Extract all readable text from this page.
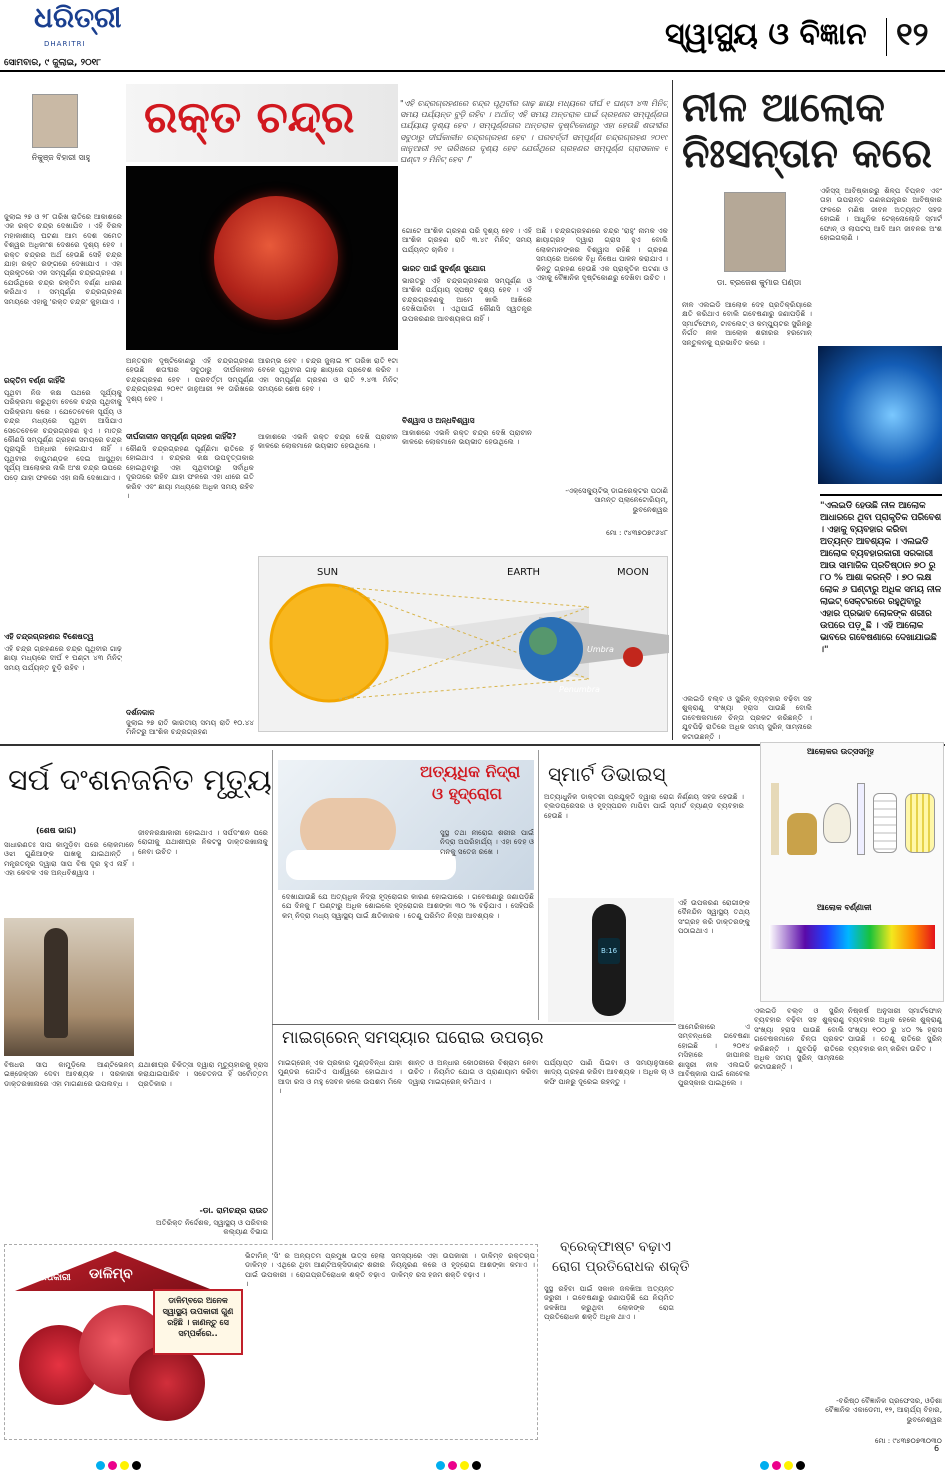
ଧରିତ୍ରୀ
DHARITRI	ସ୍ୱାସ୍ଥ୍ୟ ଓ ବିଜ୍ଞାନ ୧୨
ସୋମବାର, ୯ ଜୁଲାଇ, ୨୦୧୮
ନିକୁଞ୍ଜ ବିହାରୀ ସାହୁ
ରକ୍ତ ଚନ୍ଦ୍ର	"ଏହି ଚନ୍ଦ୍ରଗ୍ରହଣରେ ଚନ୍ଦ୍ର ପୃଥିବୀର ଗାଢ଼ ଛାୟା ମଧ୍ୟରେ ଦୀର୍ଘ ୧ ଘଣ୍ଟା ୪୩ ମିନିଟ୍ ସମୟ ପର୍ଯ୍ୟନ୍ତ ବୁଡ଼ି ରହିବ । ଅର୍ଥାତ୍ ଏହି ସମୟ ଅନ୍ତରାଳ ପାଇଁ ଗ୍ରହଣର ସମ୍ପୂର୍ଣ୍ଣତା ପର୍ଯ୍ୟାୟ ଦୃଶ୍ୟ ହେବ । ସମ୍ପୂର୍ଣ୍ଣତାର ଅନ୍ତରାଳ ଦୃଷ୍ଟିକୋଣରୁ ଏହା ହେଉଛି ଶତାବ୍ଦୀର ସବୁଠାରୁ ଦୀର୍ଘକାଳୀନ ଚନ୍ଦ୍ରଗ୍ରହଣ ହେବ । ପରବର୍ତ୍ତୀ ସମ୍ପୂର୍ଣ୍ଣ ଚନ୍ଦ୍ରଗ୍ରହଣ ୨୦୧୯ ଜାନୁଆରୀ ୨୧ ତାରିଖରେ ଦୃଶ୍ୟ ହେବ ଯେଉଁଥିରେ ଗ୍ରହଣର ସମ୍ପୂର୍ଣ୍ଣ ଗ୍ରାସକାଳ ୧ ଘଣ୍ଟା ୨ ମିନିଟ୍ ହେବ ।"
ଜୁଲାଇ ୨୭ ଓ ୨୮ ତାରିଖ ରାତିରେ ଆକାଶରେ ଏକ ରକ୍ତ ଚନ୍ଦ୍ର ଦେଖାଯିବ । ଏହି ବିରଳ ମହାକାଶୀୟ ଘଟଣା ଆମ ଦେଶ ସମେତ ବିଶ୍ୱର ଅଧିକାଂଶ ଦେଶରେ ଦୃଶ୍ୟ ହେବ । ରକ୍ତ ଚନ୍ଦ୍ରର ଅର୍ଥ ହେଉଛି ସେହି ଚନ୍ଦ୍ର ଯାହା ରକ୍ତ ରଙ୍ଗରେ ଦେଖାଯାଏ । ଏହା ପ୍ରକୃତରେ ଏକ ସମ୍ପୂର୍ଣ୍ଣ ଚନ୍ଦ୍ରଗ୍ରହଣ । ଯେଉଁଥିରେ ଚନ୍ଦ୍ର ରକ୍ତିମ ବର୍ଣ୍ଣ ଧାରଣ କରିଥାଏ । ସମ୍ପୂର୍ଣ୍ଣ ଚନ୍ଦ୍ରଗ୍ରହଣ ସମୟରେ ଏହାକୁ 'ରକ୍ତ ଚନ୍ଦ୍ର' କୁହାଯାଏ ।
ରକ୍ତିମ ବର୍ଣ୍ଣ କାହିଁକି
ପୃଥିବୀ ନିଜ କକ୍ଷ ପଥରେ ସୂର୍ଯ୍ୟକୁ ପରିକ୍ରମା କରୁଥିବା ବେଳେ ଚନ୍ଦ୍ର ପୃଥିବୀକୁ ପରିକ୍ରମା କରେ । ଯେତେବେଳେ ସୂର୍ଯ୍ୟ ଓ ଚନ୍ଦ୍ର ମଧ୍ୟରେ ପୃଥିବୀ ଆସିଯାଏ ସେତେବେଳେ ଚନ୍ଦ୍ରଗ୍ରହଣ ହୁଏ । ମାତ୍ର କୌଣସି ସମ୍ପୂର୍ଣ୍ଣ ଗ୍ରହଣ ସମୟରେ ଚନ୍ଦ୍ର ପୂରାପୂରି ଅନ୍ଧାର ହୋଇଯାଏ ନାହିଁ । ପୃଥିବୀର ବାୟୁମଣ୍ଡଳ ଦେଇ ଆସୁଥିବା ସୂର୍ଯ୍ୟ ଆଲୋକର ନାଲି ଅଂଶ ଚନ୍ଦ୍ର ଉପରେ ପଡ଼େ ଯାହା ଫଳରେ ଏହା ନାଲି ଦେଖାଯାଏ ।
ଏହି ଚନ୍ଦ୍ରଗ୍ରହଣର ବିଶେଷତ୍ୱ
ଏହି ଚନ୍ଦ୍ର ଗ୍ରହଣରେ ଚନ୍ଦ୍ର ପୃଥିବୀର ଗାଢ଼ ଛାୟା ମଧ୍ୟରେ ଦୀର୍ଘ ୧ ଘଣ୍ଟା ୪୩ ମିନିଟ୍ ସମୟ ପର୍ଯ୍ୟନ୍ତ ବୁଡ଼ି ରହିବ ।
ଅନ୍ତରାଳ ଦୃଷ୍ଟିକୋଣରୁ ଏହି ଚନ୍ଦ୍ରଗ୍ରହଣ ହେଉଛି ଶତାବ୍ଦୀର ସବୁଠାରୁ ଦୀର୍ଘକାଳୀନ ଚନ୍ଦ୍ରଗ୍ରହଣ ହେବ । ପରବର୍ତ୍ତୀ ସମ୍ପୂର୍ଣ୍ଣ ଚନ୍ଦ୍ରଗ୍ରହଣ ୨୦୧୯ ଜାନୁଆରୀ ୨୧ ତାରିଖରେ ଦୃଶ୍ୟ ହେବ ।
ଦୀର୍ଘକାଳୀନ ସମ୍ପୂର୍ଣ୍ଣ ଗ୍ରହଣ କାହିଁକି?
କୌଣସି ଚନ୍ଦ୍ରଗ୍ରହଣ ପୂର୍ଣ୍ଣିମା ରାତିରେ ହିଁ ହୋଇଥାଏ । ଚନ୍ଦ୍ରର କକ୍ଷ ଉପବୃତ୍ତାକାର ହୋଇଥିବାରୁ ଏହା ପୃଥିବୀଠାରୁ ସର୍ବାଧିକ ଦୂରତାରେ ରହିବ ଯାହା ଫଳରେ ଏହା ଧୀରେ ଗତି କରିବ ଏବଂ ଛାୟା ମଧ୍ୟରେ ଅଧିକ ସମୟ ରହିବ ।
ଦର୍ଶନକାଳ
ଜୁଲାଇ ୨୭ ରାତି ଭାରତୀୟ ସମୟ ରାତି ୧୦.୪୪ ମିନିଟରୁ ଆଂଶିକ ଚନ୍ଦ୍ରଗ୍ରହଣ
ଆରମ୍ଭ ହେବ । ଚନ୍ଦ୍ର ଜୁଲାଇ ୨୮ ତାରିଖ ରାତି ୧ଟା ବେଳେ ପୃଥିବୀର ଗାଢ଼ ଛାୟାରେ ପ୍ରବେଶ କରିବ । ଏହା ସମ୍ପୂର୍ଣ୍ଣ ଗ୍ରହଣ ଓ ରାତି ୨.୪୩ ମିନିଟ୍ ସମୟରେ ଶେଷ ହେବ ।
ଆକାଶରେ ଏଭଳି ରକ୍ତ ଚନ୍ଦ୍ର ଦେଖି ପ୍ରାଚୀନ କାଳରେ ଲୋକମାନେ ଭୟଭୀତ ହେଉଥିଲେ ।
ଗୋଟେ ଆଂଶିକ ଗ୍ରହଣ ପରି ଦୃଶ୍ୟ ହେବ । ଏହି ଆଂଶିକ ଗ୍ରହଣ ରାତି ୩.୪୯ ମିନିଟ୍ ସମୟ ପର୍ଯ୍ୟନ୍ତ ଚାଲିବ ।
ଭାରତ ପାଇଁ ସୁବର୍ଣ୍ଣ ସୁଯୋଗ
ଭାରତରୁ ଏହି ଚନ୍ଦ୍ରଗ୍ରହଣର ସମ୍ପୂର୍ଣ୍ଣ ଓ ଆଂଶିକ ପର୍ଯ୍ୟାୟ ସ୍ପଷ୍ଟ ଦୃଶ୍ୟ ହେବ । ଏହି ଚନ୍ଦ୍ରଗ୍ରହଣକୁ ଆମେ ଖାଲି ଆଖିରେ ଦେଖିପାରିବା । ଏଥିପାଇଁ କୌଣସି ସ୍ୱତନ୍ତ୍ର ଉପକରଣର ଆବଶ୍ୟକତା ନାହିଁ ।
ବିଶ୍ୱାସ ଓ ଅନ୍ଧବିଶ୍ୱାସ
ଆକାଶରେ ଏଭଳି ରକ୍ତ ଚନ୍ଦ୍ର ଦେଖି ପ୍ରାଚୀନ କାଳରେ ଲୋକମାନେ ଭୟଭୀତ ହେଉଥିଲେ ।
ଅଛି । ଚନ୍ଦ୍ରଗ୍ରହଣରେ ଚନ୍ଦ୍ର 'ରାହୁ' ନାମକ ଏକ ଛାୟାଗ୍ରହ ଦ୍ୱାରା ଗ୍ରାସ ହୁଏ ବୋଲି ଲୋକମାନଙ୍କର ବିଶ୍ୱାସ ରହିଛି । ଗ୍ରହଣ ସମୟରେ ଅନେକ ବିଧି ନିଷେଧ ପାଳନ କରାଯାଏ । କିନ୍ତୁ ଗ୍ରହଣ ହେଉଛି ଏକ ପ୍ରାକୃତିକ ଘଟଣା ଓ ଏହାକୁ ବୈଜ୍ଞାନିକ ଦୃଷ୍ଟିକୋଣରୁ ଦେଖିବା ଉଚିତ ।
-ଏକ୍ସେକ୍ୟୁଟିଭ୍ ଡାଇରେକ୍ଟର ପଠାଣି ସାମନ୍ତ ପ୍ଲାନେଟୋରିୟମ୍, ଭୁବନେଶ୍ୱର
ମୋ : ୯୪୩୭୦୭୯୬୪୮
SUN	EARTH	MOON
Umbra
Penumbra
ନୀଳ ଆଲୋକ
ନିଃସନ୍ତାନ କରେ
ଡା. ବ୍ରଜେଶ କୁମାର ପଣ୍ଡା
ଏକିସ୍ସ୍ ଆବିଷ୍କାରରୁ ଶିଳ୍ପ ବିପ୍ଳବ ଏବଂ ତାହା ଉପରାନ୍ତ ଗଣକଯନ୍ତ୍ରର ଆବିଷ୍କାର ଫଳରେ ମଣିଷ ଜୀବନ ଅତ୍ୟନ୍ତ ସହଜ ହୋଇଛି । ଆଧୁନିକ ଟେକ୍ନୋଲୋଜି ସ୍ମାର୍ଟ ଫୋନ୍ ଓ ଲାପଟପ୍ ଆଦି ଆମ ଜୀବନର ଅଂଶ ହୋଇଗଲାଣି ।
ନୀଳ ଏଲଇଡି ଆଲୋକ ଦେହ ପ୍ରତିକ୍ରିୟାରେ କ୍ଷତି କରିଥାଏ ବୋଲି ଗବେଷଣାରୁ ଜଣାପଡ଼ିଛି । ସ୍ମାର୍ଟଫୋନ୍, ଟାବଲେଟ୍ ଓ କମ୍ପ୍ୟୁଟର ସ୍କ୍ରିନରୁ ନିର୍ଗତ ନୀଳ ଆଲୋକ ଶରୀରର ହରମୋନ୍ ସନ୍ତୁଳନକୁ ପ୍ରଭାବିତ କରେ ।
"ଏଲଇଡି ହେଉଛି ନୀଳ ଆଲୋକ ଆଧାରରେ ଥିବା ପ୍ରାକୃତିକ ପରିବେଶ । ଏହାକୁ ବ୍ୟବହାର କରିବା ଅତ୍ୟନ୍ତ ଆବଶ୍ୟକ । ଏଲଇଡି ଆଲୋକ ବ୍ୟବହାରକାରୀ ସରକାରୀ ଆଉ ସାମାଜିକ ପ୍ରତିଷ୍ଠାନ ୭୦ ରୁ ୮୦ % ଆଶା କରନ୍ତି । ୭୦ ଲକ୍ଷ ଲୋକ ୬ ଘଣ୍ଟାରୁ ଅଧିକ ସମୟ ନୀଳ ଲାଇଟ୍ ସେକ୍ଟରରେ ରହୁଥିବାରୁ ଏହାର ପ୍ରଭାବ ଲୋକଙ୍କ ଶରୀର ଉପରେ ପଡ଼ୁଛି । ଏହି ଆଲୋକ ଭାବରେ ଗବେଷଣାରେ ଦେଖାଯାଇଛି ।"
ଏଲଇଡି ବଲ୍ବ ଓ ସ୍କ୍ରିନ୍ ବ୍ୟବହାର ବଢ଼ିବା ସହ ଶୁକ୍ରାଣୁ ସଂଖ୍ୟା ହ୍ରାସ ପାଉଛି ବୋଲି ଗବେଷକମାନେ ଚିନ୍ତା ପ୍ରକଟ କରିଛନ୍ତି । ଯୁବପିଢ଼ି ରାତିରେ ଅଧିକ ସମୟ ସ୍କ୍ରିନ୍ ସାମ୍ନାରେ କଟାଉଛନ୍ତି ।
ସର୍ପ ଦଂଶନଜନିତ ମୃତ୍ୟୁ
(ଶେଷ ଭାଗ)
ସାଧାରଣତଃ ସାପ କାମୁଡ଼ିବା ପରେ ଲୋକମାନେ ଓଝା ଗୁଣିଆଙ୍କ ପାଖକୁ ଯାଇଥାନ୍ତି । ମନ୍ତ୍ରତନ୍ତ୍ର ଦ୍ୱାରା ସାପ ବିଷ ଦୂର ହୁଏ ନାହିଁ । ଏହା କେବଳ ଏକ ଅନ୍ଧବିଶ୍ୱାସ ।
ଜୀବନରକ୍ଷାକାରୀ ହୋଇଥାଏ । ସର୍ପଦଂଶନ ପରେ ରୋଗୀକୁ ଯଥାଶୀଘ୍ର ନିକଟସ୍ଥ ଡାକ୍ତରଖାନାକୁ ନେବା ଉଚିତ ।
ବିଷଧର ସାପ କାମୁଡ଼ିଲେ ଆଣ୍ଟିଭେନମ୍ ଇଞ୍ଜେକ୍ସନ ଦେବା ଆବଶ୍ୟକ । ସରକାରୀ ଡାକ୍ତରଖାନାରେ ଏହା ମାଗଣାରେ ଉପଲବ୍ଧ ।
ଯଥାଶୀଘ୍ର ଚିକିତ୍ସା ଦ୍ୱାରା ମୃତ୍ୟୁହାରକୁ ହ୍ରାସ କରାଯାଇପାରିବ । ସଚେତନତା ହିଁ ସର୍ବୋତ୍ତମ ପ୍ରତିକାର ।
-ଡା. ରାମଚନ୍ଦ୍ର ରାଉତ
ଅତିରିକ୍ତ ନିର୍ଦ୍ଦେଶକ, ସ୍ୱାସ୍ଥ୍ୟ ଓ ପରିବାର କଲ୍ୟାଣ ବିଭାଗ
ଅତ୍ୟଧିକ ନିଦ୍ରା
ଓ ହୃଦ୍‌ରୋଗ
ସୁସ୍ଥ ତଥା ନୀରୋଗ ଶରୀର ପାଇଁ ନିଦ୍ରା ଅପରିହାର୍ଯ୍ୟ । ଏହା ଦେହ ଓ ମନକୁ ସତେଜ ରଖେ ।
ଦେଖାଯାଉଛି ଯେ ଅତ୍ୟଧିକ ନିଦ୍ରା ହୃଦ୍‌ରୋଗର କାରଣ ହୋଇପାରେ । ଗବେଷଣାରୁ ଜଣାପଡ଼ିଛି ଯେ ଦିନକୁ ୮ ଘଣ୍ଟାରୁ ଅଧିକ ଶୋଇଲେ ହୃଦ୍‌ରୋଗର ଆଶଙ୍କା ୩୦ % ବଢ଼ିଯାଏ । ସେହିପରି କମ୍ ନିଦ୍ରା ମଧ୍ୟ ସ୍ୱାସ୍ଥ୍ୟ ପାଇଁ କ୍ଷତିକାରକ । ତେଣୁ ପରିମିତ ନିଦ୍ରା ଆବଶ୍ୟକ ।
ସ୍ମାର୍ଟ ଡିଭାଇସ୍
ଅତ୍ୟାଧୁନିକ ଡାକ୍ତରୀ ପ୍ରଯୁକ୍ତି ଦ୍ୱାରା ରୋଗ ନିର୍ଣ୍ଣୟ ସହଜ ହେଉଛି । ବ୍ଲଡପ୍ରେସର ଓ ହୃଦ୍‌ସ୍ପନ୍ଦନ ମାପିବା ପାଇଁ ସ୍ମାର୍ଟ ବ୍ୟାଣ୍ଡ ବ୍ୟବହାର ହେଉଛି ।
B:16
ଏହି ଉପକରଣ ରୋଗୀଙ୍କ ଦୈନନ୍ଦିନ ସ୍ୱାସ୍ଥ୍ୟ ତଥ୍ୟ ସଂଗ୍ରହ କରି ଡାକ୍ତରଙ୍କୁ ପଠାଇଥାଏ ।
ଆଲୋକର ଉତ୍ସସମୂହ
ଆଲୋକ ବର୍ଣ୍ଣାଳୀ
ନିଷ୍କର୍ଷ ଅନୁସାରୀ ସ୍ମାର୍ଟଫୋନ୍ ବ୍ୟବହାର ଅଧିକ ହେଲେ ଶୁକ୍ରାଣୁ ସଂଖ୍ୟା ୧୦୦ ରୁ ୪୦ % ହ୍ରାସ ପାଉଛି । ତେଣୁ ରାତିରେ ସ୍କ୍ରିନ୍ ବ୍ୟବହାର କମ୍ କରିବା ଉଚିତ ।
ଆମେରିକାରେ ଏ ସମ୍ବନ୍ଧରେ ଗବେଷଣା ହୋଇଛି । ୨୦୧୪ ମସିହାରେ ଜାପାନର ଶାସ୍ତ୍ରୀ ନୀଳ ଏଲଇଡି ଆବିଷ୍କାର ପାଇଁ ନୋବେଲ ପୁରସ୍କାର ପାଇଥିଲେ ।
ଏଲଇଡି ବଲ୍ବ ଓ ସ୍କ୍ରିନ୍ ବ୍ୟବହାର ବଢ଼ିବା ସହ ଶୁକ୍ରାଣୁ ସଂଖ୍ୟା ହ୍ରାସ ପାଉଛି ବୋଲି ଗବେଷକମାନେ ଚିନ୍ତା ପ୍ରକଟ କରିଛନ୍ତି । ଯୁବପିଢ଼ି ରାତିରେ ଅଧିକ ସମୟ ସ୍କ୍ରିନ୍ ସାମ୍ନାରେ କଟାଉଛନ୍ତି ।
-ବରିଷ୍ଠ ବୈଜ୍ଞାନିକ ପ୍ରଫେସର, ଓଡ଼ିଶା ବୈଜ୍ଞାନିକ ଏକାଡେମୀ, ୧୨, ଆଚାର୍ଯ୍ୟ ବିହାର, ଭୁବନେଶ୍ୱର
ମୋ : ୯୪୩୭୦୭୩୦୩୦
ମାଇଗ୍ରେନ୍ ସମସ୍ୟାର ଘରୋଇ ଉପଚାର
ମାଇଗ୍ରେନ୍ ଏକ ପ୍ରକାର ମୁଣ୍ଡବିନ୍ଧା ଯାହା ମୁଣ୍ଡର ଗୋଟିଏ ପାର୍ଶ୍ୱରେ ହୋଇଥାଏ । ଆଦା ରସ ଓ ମହୁ ସେବନ କଲେ ଉପଶମ ମିଳେ ।
ଶାନ୍ତ ଓ ଅନ୍ଧାର କୋଠରୀରେ ବିଶ୍ରାମ ନେବା ଉଚିତ । ନିୟମିତ ଯୋଗ ଓ ପ୍ରାଣାୟାମ କରିବା ଦ୍ୱାରା ମାଇଗ୍ରେନ୍ କମିଥାଏ ।
ପର୍ଯ୍ୟାପ୍ତ ପାଣି ପିଇବା ଓ ସମୟାନୁସାରେ ଖାଦ୍ୟ ଗ୍ରହଣ କରିବା ଆବଶ୍ୟକ । ଅଧିକ ଚା ଓ କଫି ପାନରୁ ଦୂରେଇ ରହନ୍ତୁ ।
ଉପକାରୀ ଡାଳିମ୍ବ
ଡାଳିମ୍ବରେ ଅନେକ ସ୍ୱାସ୍ଥ୍ୟ ଉପକାରୀ ଗୁଣ ରହିଛି । ଜାଣନ୍ତୁ ସେ ସମ୍ପର୍କରେ..
ଭିଟାମିନ୍ 'ସି' ର ଅନ୍ୟତମ ପ୍ରମୁଖ ଉତ୍ସ ହେଲା ଡାଳିମ୍ବ । ଏଥିରେ ଥିବା ଆଣ୍ଟିଅକ୍ସିଡାଣ୍ଟ ଶରୀର ପାଇଁ ଉପକାରୀ । ରୋଗପ୍ରତିରୋଧକ ଶକ୍ତି ବଢ଼ାଏ ।
ସମସ୍ୟାରେ ଏହା ଉପକାରୀ । ଡାଳିମ୍ବ ରକ୍ତଚାପ ନିୟନ୍ତ୍ରଣ କରେ ଓ ହୃଦ୍‌ରୋଗ ଆଶଙ୍କା କମାଏ । ଡାଳିମ୍ବ ରସ ହଜମ ଶକ୍ତି ବଢ଼ାଏ ।
ବ୍ରେକ୍‌ଫାଷ୍ଟ ବଢ଼ାଏ
ରୋଗ ପ୍ରତିରୋଧକ ଶକ୍ତି
ସୁସ୍ଥ ରହିବା ପାଇଁ ସକାଳ ଜଳଖିଆ ଅତ୍ୟନ୍ତ ଜରୁରୀ । ଗବେଷଣାରୁ ଜଣାପଡ଼ିଛି ଯେ ନିୟମିତ ଜଳଖିଆ କରୁଥିବା ଲୋକଙ୍କ ରୋଗ ପ୍ରତିରୋଧକ ଶକ୍ତି ଅଧିକ ଥାଏ ।
6
